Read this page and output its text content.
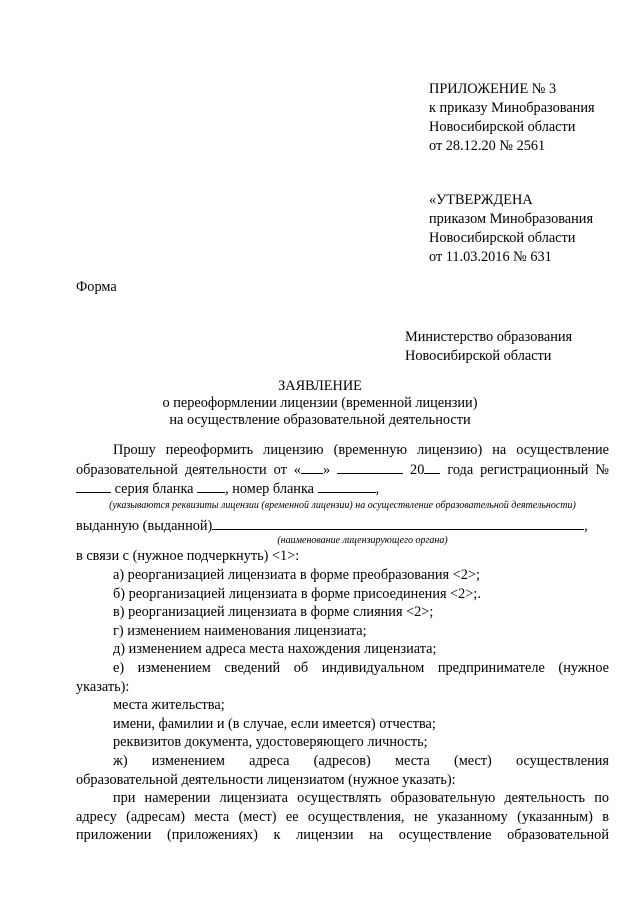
ПРИЛОЖЕНИЕ № 3
к приказу Минобразования
Новосибирской области
от 28.12.20 № 2561
«УТВЕРЖДЕНА
приказом Минобразования
Новосибирской области
от 11.03.2016 № 631
Форма
Министерство образования
Новосибирской области
ЗАЯВЛЕНИЕ
о переоформлении лицензии (временной лицензии)
на осуществление образовательной деятельности
Прошу переоформить лицензию (временную лицензию) на осуществление
образовательной деятельности от « »	20 года регистрационный №
серия бланка , номер бланка	,
(указываются реквизиты лицензии (временной лицензии) на осуществление образовательной деятельности)
выданную (выданной)	,
(наименование лицензирующего органа)
в связи с (нужное подчеркнуть) <1>:
а) реорганизацией лицензиата в форме преобразования <2>;
б) реорганизацией лицензиата в форме присоединения <2>;.
в) реорганизацией лицензиата в форме слияния <2>;
г) изменением наименования лицензиата;
д) изменением адреса места нахождения лицензиата;
е) изменением сведений об индивидуальном предпринимателе (нужное
указать):
места жительства;
имени, фамилии и (в случае, если имеется) отчества;
реквизитов документа, удостоверяющего личность;
ж) изменением адреса (адресов) места (мест) осуществления
образовательной деятельности лицензиатом (нужное указать):
при намерении лицензиата осуществлять образовательную деятельность по
адресу (адресам) места (мест) ее осуществления, не указанному (указанным) в
приложении (приложениях) к лицензии на осуществление образовательной
